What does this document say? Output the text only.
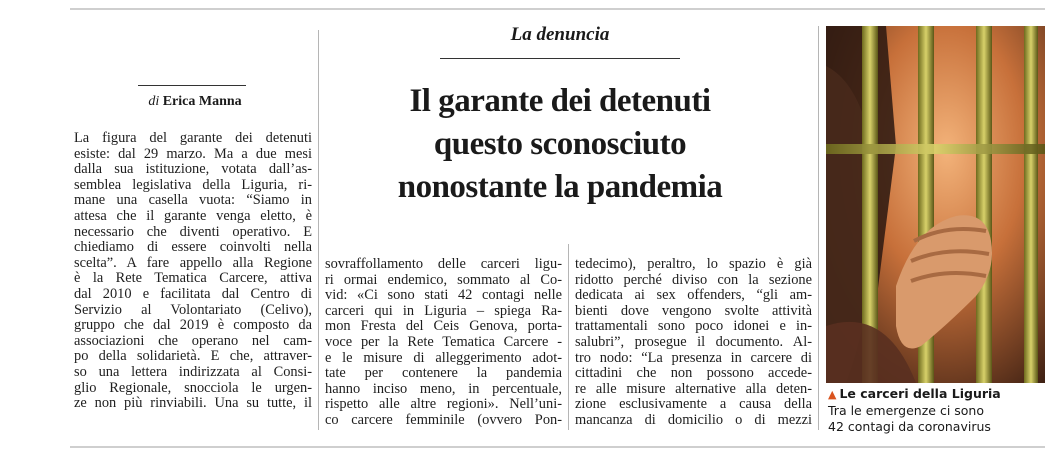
La denuncia
di Erica Manna	Il garante dei detenuti
questo sconosciuto
nonostante la pandemia
La figura del garante dei detenuti
esiste: dal 29 marzo. Ma a due mesi
dalla sua istituzione, votata dall’as-
semblea legislativa della Liguria, ri-
mane una casella vuota: “Siamo in
attesa che il garante venga eletto, è
necessario che diventi operativo. E
chiediamo di essere coinvolti nella
scelta”. A fare appello alla Regione
è la Rete Tematica Carcere, attiva
dal 2010 e facilitata dal Centro di
Servizio al Volontariato (Celivo),
gruppo che dal 2019 è composto da
associazioni che operano nel cam-
po della solidarietà. E che, attraver-
so una lettera indirizzata al Consi-
glio Regionale, snocciola le urgen-
ze non più rinviabili. Una su tutte, il
sovraffollamento delle carceri ligu-
ri ormai endemico, sommato al Co-
vid: «Ci sono stati 42 contagi nelle
carceri qui in Liguria – spiega Ra-
mon Fresta del Ceis Genova, porta-
voce per la Rete Tematica Carcere -
e le misure di alleggerimento adot-
tate per contenere la pandemia
hanno inciso meno, in percentuale,
rispetto alle altre regioni». Nell’uni-
co carcere femminile (ovvero Pon-
tedecimo), peraltro, lo spazio è già
ridotto perché diviso con la sezione
dedicata ai sex offenders, “gli am-
bienti dove vengono svolte attività
trattamentali sono poco idonei e in-
salubri”, prosegue il documento. Al-
tro nodo: “La presenza in carcere di
cittadini che non possono accede-
re alle misure alternative alla deten-
zione esclusivamente a causa della
mancanza di domicilio o di mezzi
▲ Le carceri della Liguria
Tra le emergenze ci sono
42 contagi da coronavirus
